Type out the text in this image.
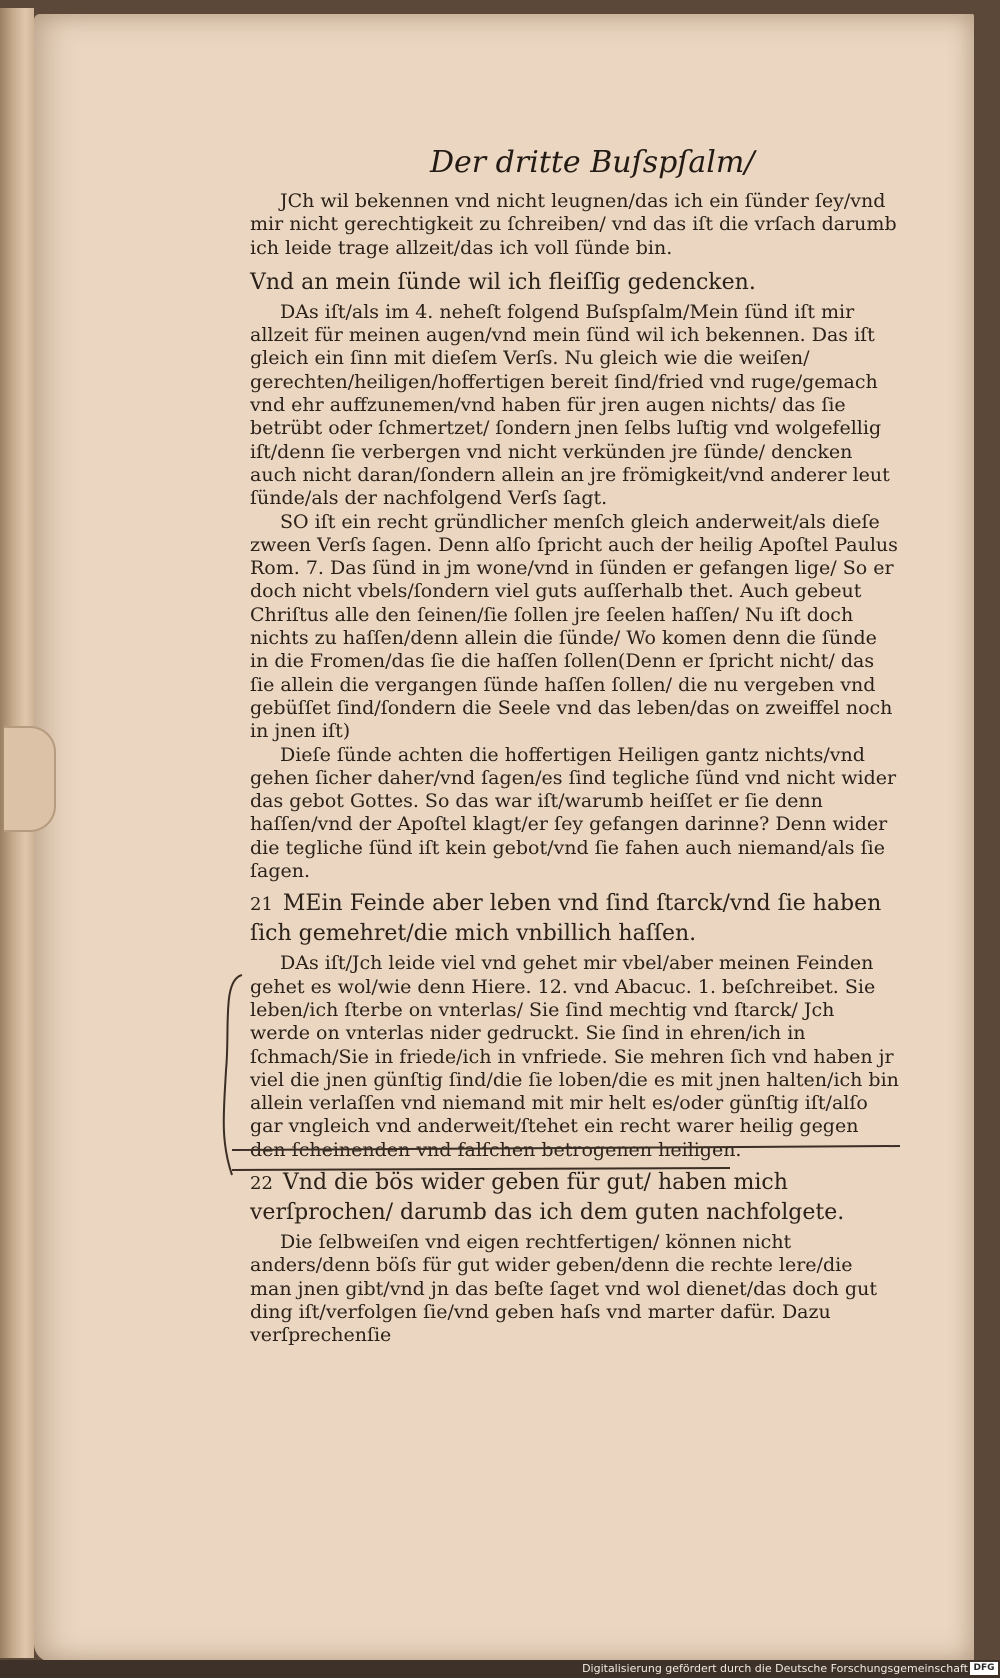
Der dritte Buſspſalm/

JCh wil bekennen vnd nicht leugnen/das ich ein ſünder ſey/vnd mir nicht gerechtigkeit zu ſchreiben/ vnd das iſt die vrſach darumb ich leide trage allzeit/das ich voll ſünde bin.

Vnd an mein ſünde wil ich fleiſſig gedencken.

DAs iſt/als im 4. neheſt folgend Buſspſalm/Mein ſünd iſt mir allzeit für meinen augen/vnd mein ſünd wil ich bekennen. Das iſt gleich ein ſinn mit dieſem Verſs. Nu gleich wie die weiſen/ gerechten/heiligen/hoffertigen bereit ſind/fried vnd ruge/gemach vnd ehr auffzunemen/vnd haben für jren augen nichts/ das ſie betrübt oder ſchmertzet/ ſondern jnen ſelbs luſtig vnd wolgefellig iſt/denn ſie verbergen vnd nicht verkünden jre ſünde/ dencken auch nicht daran/ſondern allein an jre frömigkeit/vnd anderer leut ſünde/als der nachfolgend Verſs ſagt.

SO iſt ein recht gründlicher menſch gleich anderweit/als dieſe zween Verſs ſagen. Denn alſo ſpricht auch der heilig Apoſtel Paulus Rom. 7. Das ſünd in jm wone/vnd in ſünden er gefangen lige/ So er doch nicht vbels/ſondern viel guts auſſerhalb thet. Auch gebeut Chriſtus alle den ſeinen/ſie ſollen jre ſeelen haſſen/ Nu iſt doch nichts zu haſſen/denn allein die ſünde/ Wo komen denn die ſünde in die Fromen/das ſie die haſſen ſollen(Denn er ſpricht nicht/ das ſie allein die vergangen ſünde haſſen ſollen/ die nu vergeben vnd gebüſſet ſind/ſondern die Seele vnd das leben/das on zweiffel noch in jnen iſt)

Dieſe ſünde achten die hoffertigen Heiligen gantz nichts/vnd gehen ſicher daher/vnd ſagen/es ſind tegliche ſünd vnd nicht wider das gebot Gottes. So das war iſt/warumb heiſſet er ſie denn haſſen/vnd der Apoſtel klagt/er ſey gefangen darinne? Denn wider die tegliche ſünd iſt kein gebot/vnd ſie fahen auch niemand/als ſie ſagen.

21 MEin Feinde aber leben vnd ſind ſtarck/vnd ſie haben ſich gemehret/die mich vnbillich haſſen.

DAs iſt/Jch leide viel vnd gehet mir vbel/aber meinen Feinden gehet es wol/wie denn Hiere. 12. vnd Abacuc. 1. beſchreibet. Sie leben/ich ſterbe on vnterlas/ Sie ſind mechtig vnd ſtarck/ Jch werde on vnterlas nider gedruckt. Sie ſind in ehren/ich in ſchmach/Sie in friede/ich in vnfriede. Sie mehren ſich vnd haben jr viel die jnen günſtig ſind/die ſie loben/die es mit jnen halten/ich bin allein verlaſſen vnd niemand mit mir helt es/oder günſtig iſt/alſo gar vngleich vnd anderweit/ſtehet ein recht warer heilig gegen den ſcheinenden vnd falſchen betrogenen heiligen.

22 Vnd die bös wider geben für gut/ haben mich verſprochen/ darumb das ich dem guten nachfolgete.

Die ſelbweiſen vnd eigen rechtfertigen/ können nicht anders/denn böſs für gut wider geben/denn die rechte lere/die man jnen gibt/vnd jn das beſte ſaget vnd wol dienet/das doch gut ding iſt/verfolgen ſie/vnd geben haſs vnd marter dafür. Dazu verſprechenſie

Digitalisierung gefördert durch die Deutsche Forschungsgemeinschaft DFG
